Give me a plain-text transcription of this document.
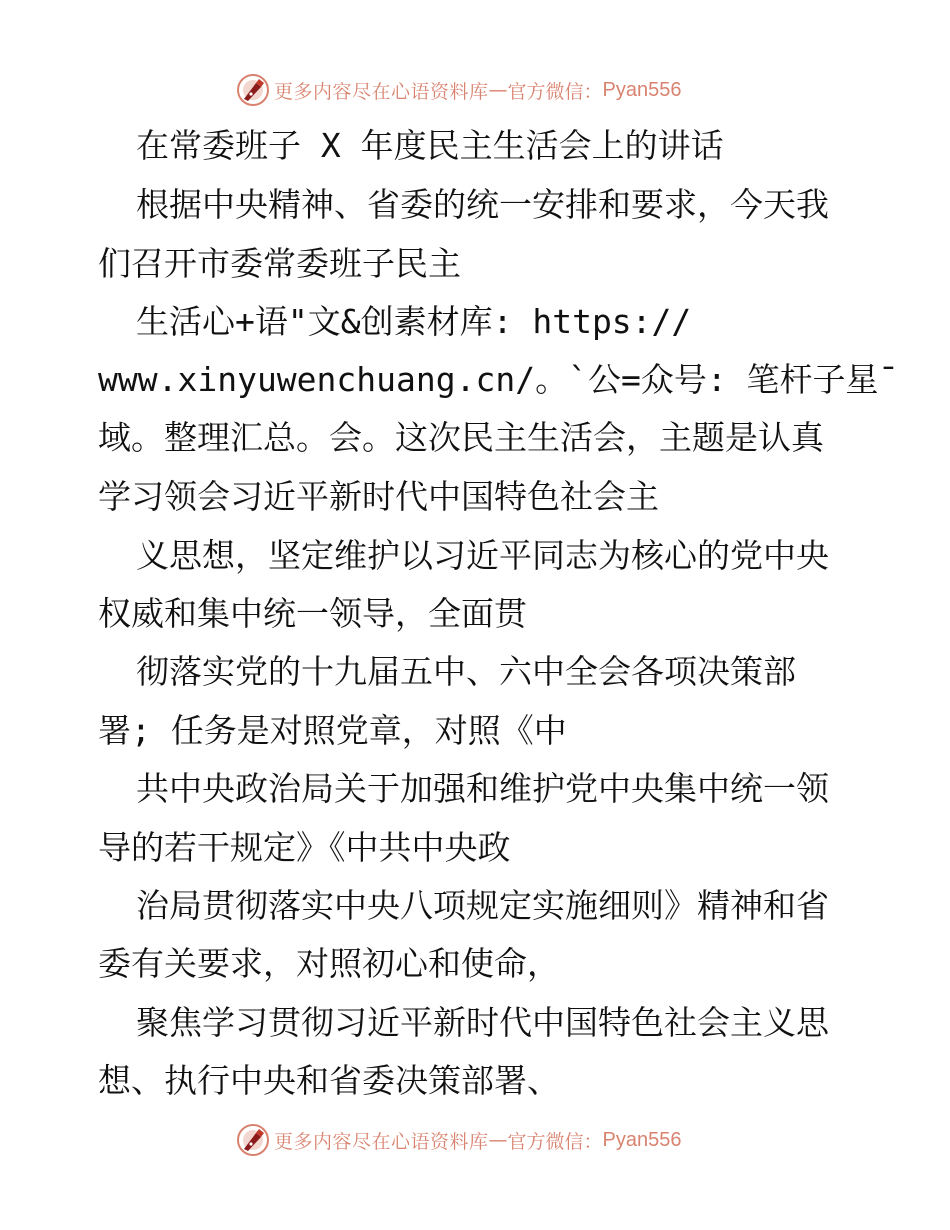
更多内容尽在心语资料库 — 官方微信： Pyan556
在常委班子 X 年度民主生活会上的讲话
根据中央精神、省委的统一安排和要求，今天我
们召开市委常委班子民主
生活心+语"文&创素材库: https://
www.xinyuwenchuang.cn/。`公=众号: 笔杆子星¯
域。整理汇总。会。这次民主生活会，主题是认真
学习领会习近平新时代中国特色社会主
义思想，坚定维护以习近平同志为核心的党中央
权威和集中统一领导，全面贯
彻落实党的十九届五中、六中全会各项决策部
署; 任务是对照党章，对照《中
共中央政治局关于加强和维护党中央集中统一领
导的若干规定》《中共中央政
治局贯彻落实中央八项规定实施细则》精神和省
委有关要求，对照初心和使命，
聚焦学习贯彻习近平新时代中国特色社会主义思
想、执行中央和省委决策部署、
更多内容尽在心语资料库 — 官方微信： Pyan556
